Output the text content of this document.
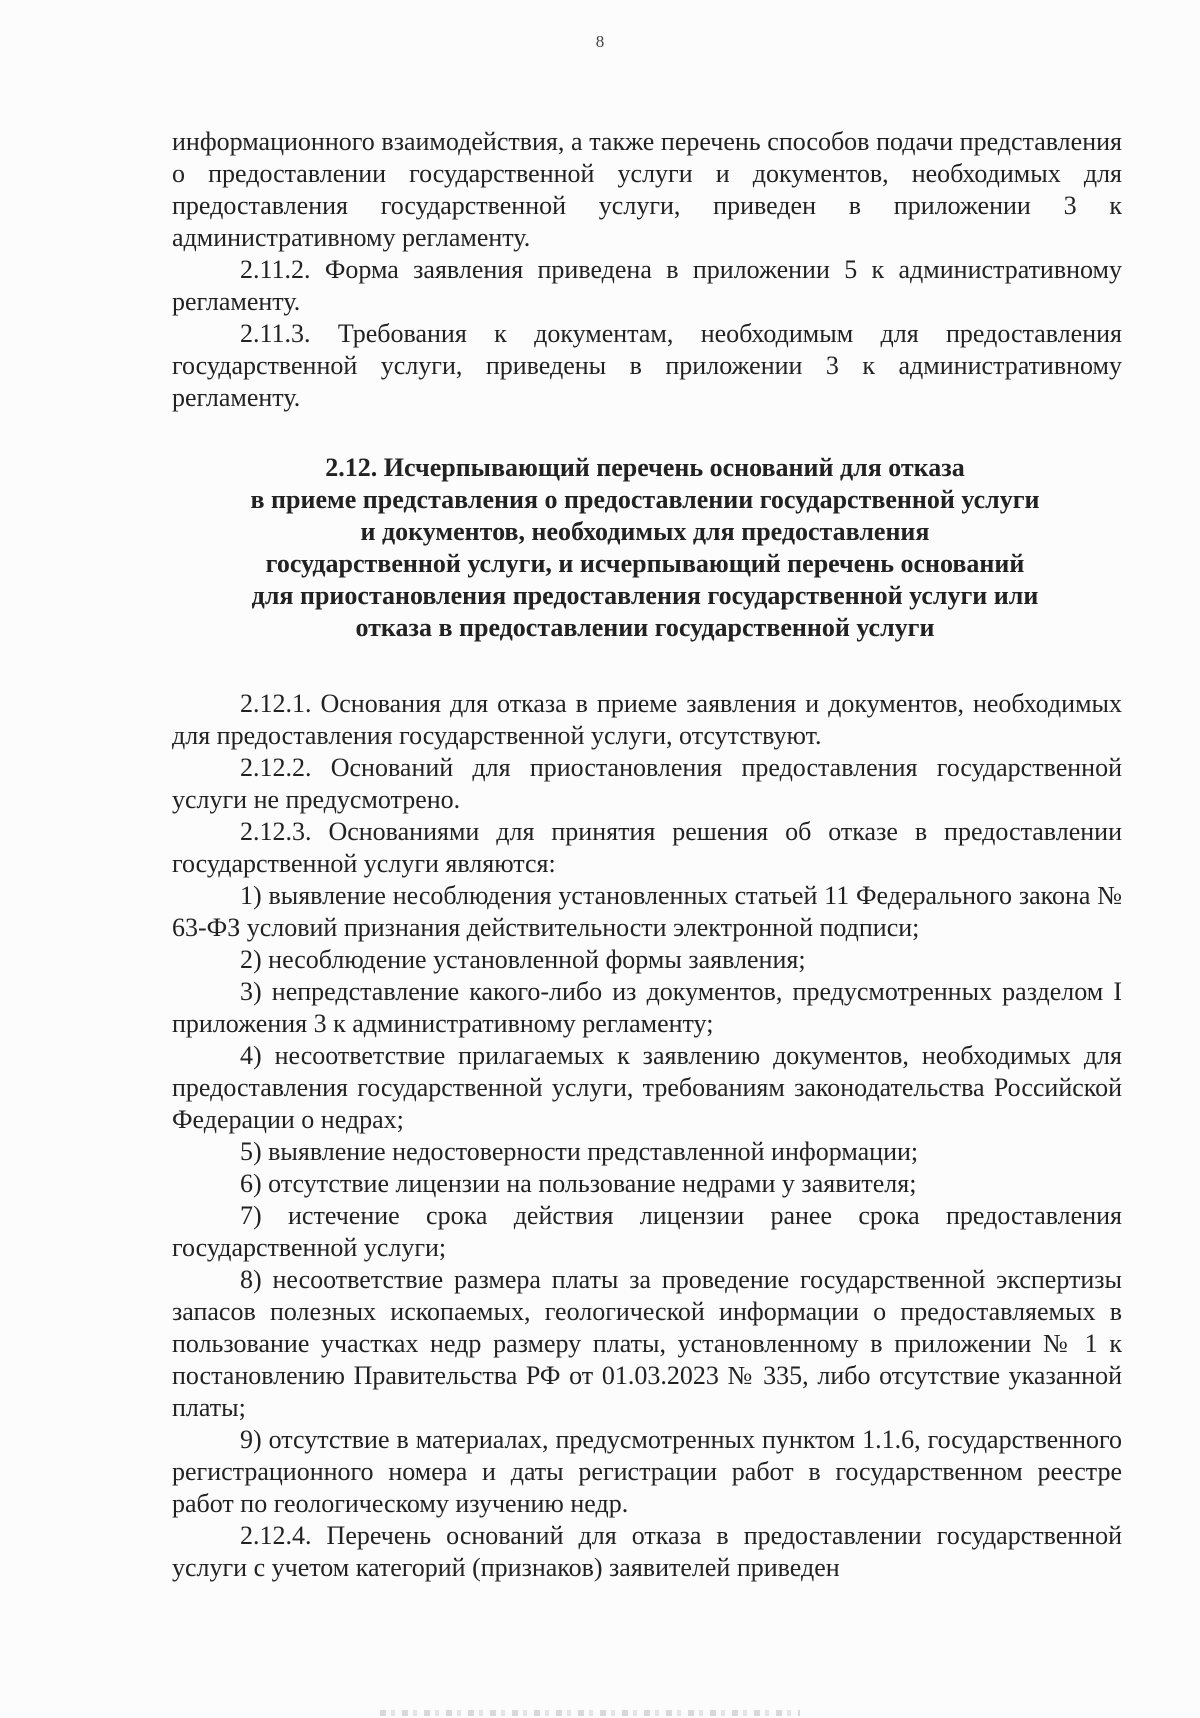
8

информационного взаимодействия, а также перечень способов подачи представления о предоставлении государственной услуги и документов, необходимых для предоставления государственной услуги, приведен в приложении 3 к административному регламенту.

2.11.2. Форма заявления приведена в приложении 5 к административному регламенту.

2.11.3. Требования к документам, необходимым для предоставления государственной услуги, приведены в приложении 3 к административному регламенту.

2.12. Исчерпывающий перечень оснований для отказа
в приеме представления о предоставлении государственной услуги
и документов, необходимых для предоставления
государственной услуги, и исчерпывающий перечень оснований
для приостановления предоставления государственной услуги или
отказа в предоставлении государственной услуги

2.12.1. Основания для отказа в приеме заявления и документов, необходимых для предоставления государственной услуги, отсутствуют.

2.12.2. Оснований для приостановления предоставления государственной услуги не предусмотрено.

2.12.3. Основаниями для принятия решения об отказе в предоставлении государственной услуги являются:

1) выявление несоблюдения установленных статьей 11 Федерального закона № 63-ФЗ условий признания действительности электронной подписи;

2) несоблюдение установленной формы заявления;

3) непредставление какого-либо из документов, предусмотренных разделом I приложения 3 к административному регламенту;

4) несоответствие прилагаемых к заявлению документов, необходимых для предоставления государственной услуги, требованиям законодательства Российской Федерации о недрах;

5) выявление недостоверности представленной информации;

6) отсутствие лицензии на пользование недрами у заявителя;

7) истечение срока действия лицензии ранее срока предоставления государственной услуги;

8) несоответствие размера платы за проведение государственной экспертизы запасов полезных ископаемых, геологической информации о предоставляемых в пользование участках недр размеру платы, установленному в приложении № 1 к постановлению Правительства РФ от 01.03.2023 № 335, либо отсутствие указанной платы;

9) отсутствие в материалах, предусмотренных пунктом 1.1.6, государственного регистрационного номера и даты регистрации работ в государственном реестре работ по геологическому изучению недр.

2.12.4. Перечень оснований для отказа в предоставлении государственной услуги с учетом категорий (признаков) заявителей приведен
